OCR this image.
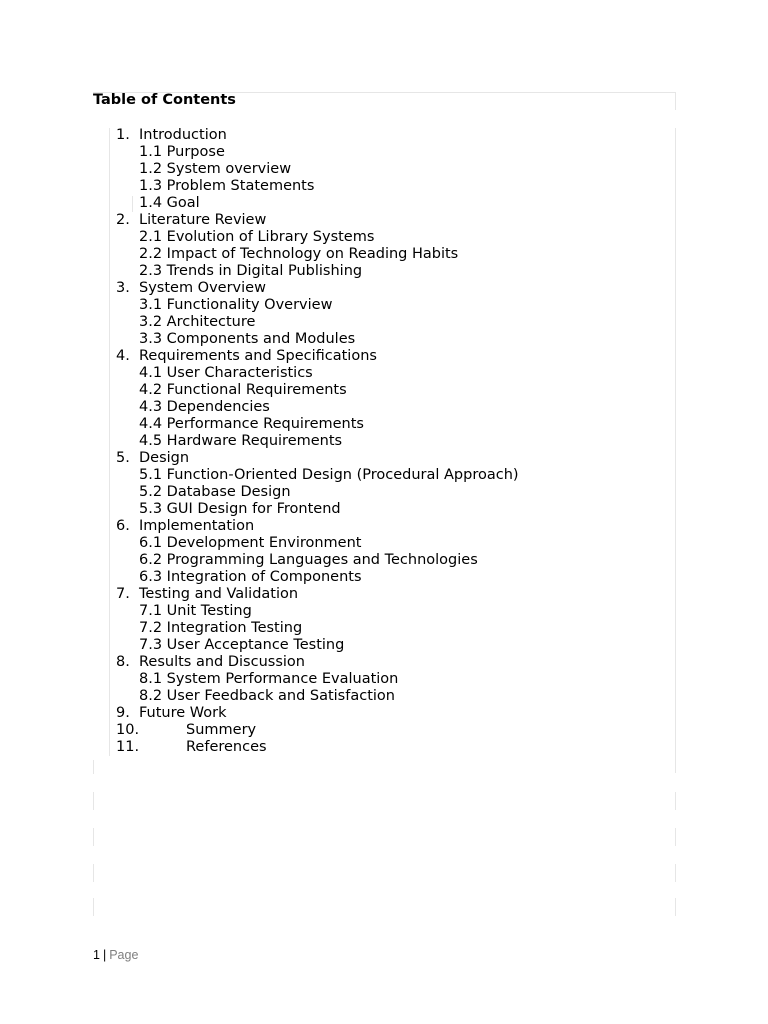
Table of Contents
1. Introduction
1.1 Purpose
1.2 System overview
1.3 Problem Statements
1.4 Goal
2. Literature Review
2.1 Evolution of Library Systems
2.2 Impact of Technology on Reading Habits
2.3 Trends in Digital Publishing
3. System Overview
3.1 Functionality Overview
3.2 Architecture
3.3 Components and Modules
4. Requirements and Specifications
4.1 User Characteristics
4.2 Functional Requirements
4.3 Dependencies
4.4 Performance Requirements
4.5 Hardware Requirements
5. Design
5.1 Function-Oriented Design (Procedural Approach)
5.2 Database Design
5.3 GUI Design for Frontend
6. Implementation
6.1 Development Environment
6.2 Programming Languages and Technologies
6.3 Integration of Components
7. Testing and Validation
7.1 Unit Testing
7.2 Integration Testing
7.3 User Acceptance Testing
8. Results and Discussion
8.1 System Performance Evaluation
8.2 User Feedback and Satisfaction
9. Future Work
10.	Summery
11.	References
1 | Page
